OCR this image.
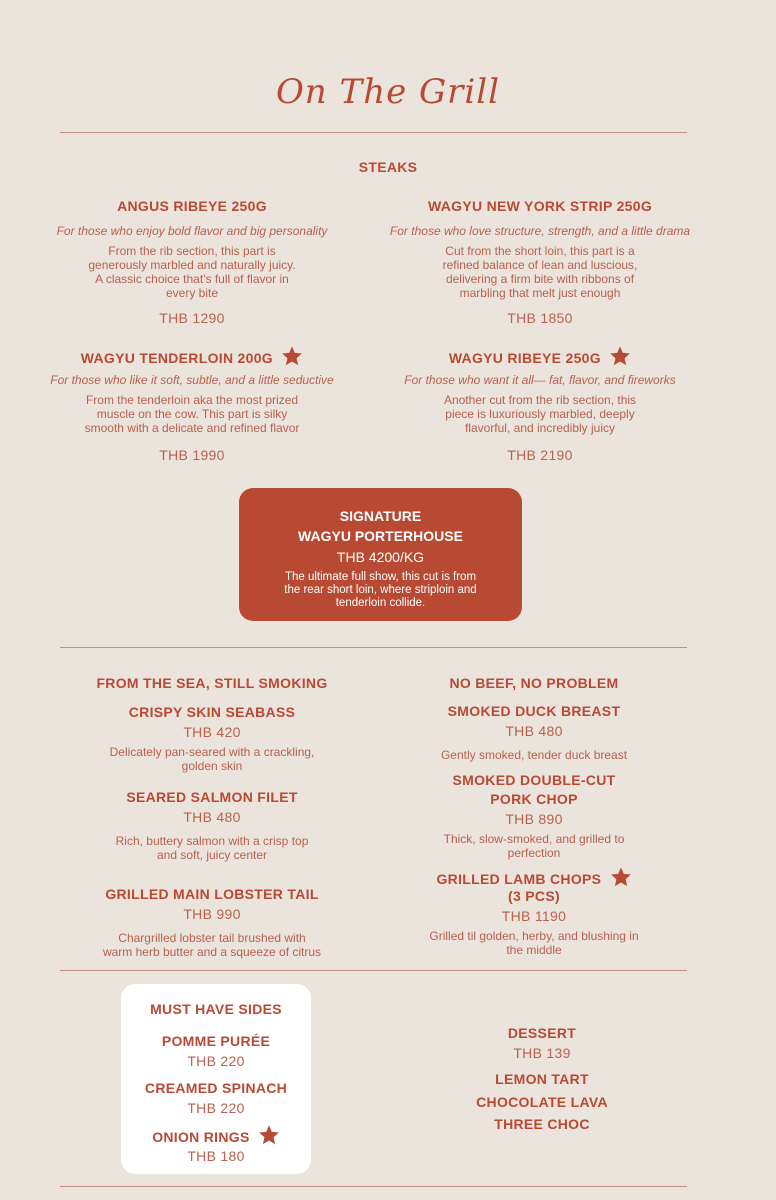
On The Grill
STEAKS
ANGUS RIBEYE 250G
For those who enjoy bold flavor and big personality
From the rib section, this part is
generously marbled and naturally juicy.
A classic choice that's full of flavor in
every bite
THB 1290
WAGYU NEW YORK STRIP 250G
For those who love structure, strength, and a little drama
Cut from the short loin, this part is a
refined balance of lean and luscious,
delivering a firm bite with ribbons of
marbling that melt just enough
THB 1850
WAGYU TENDERLOIN 200G
For those who like it soft, subtle, and a little seductive
From the tenderloin aka the most prized
muscle on the cow. This part is silky
smooth with a delicate and refined flavor
THB 1990
WAGYU RIBEYE 250G
For those who want it all— fat, flavor, and fireworks
Another cut from the rib section, this
piece is luxuriously marbled, deeply
flavorful, and incredibly juicy
THB 2190
SIGNATURE
WAGYU PORTERHOUSE
THB 4200/KG
The ultimate full show, this cut is from
the rear short loin, where striploin and
tenderloin collide.
FROM THE SEA, STILL SMOKING
CRISPY SKIN SEABASS
THB 420
Delicately pan-seared with a crackling,
golden skin
SEARED SALMON FILET
THB 480
Rich, buttery salmon with a crisp top
and soft, juicy center
GRILLED MAIN LOBSTER TAIL
THB 990
Chargrilled lobster tail brushed with
warm herb butter and a squeeze of citrus
NO BEEF, NO PROBLEM
SMOKED DUCK BREAST
THB 480
Gently smoked, tender duck breast
SMOKED DOUBLE-CUT
PORK CHOP
THB 890
Thick, slow-smoked, and grilled to
perfection
GRILLED LAMB CHOPS
(3 PCS)
THB 1190
Grilled til golden, herby, and blushing in
the middle
MUST HAVE SIDES
POMME PURÉE
THB 220
CREAMED SPINACH
THB 220
ONION RINGS
THB 180
DESSERT
THB 139
LEMON TART
CHOCOLATE LAVA
THREE CHOC
